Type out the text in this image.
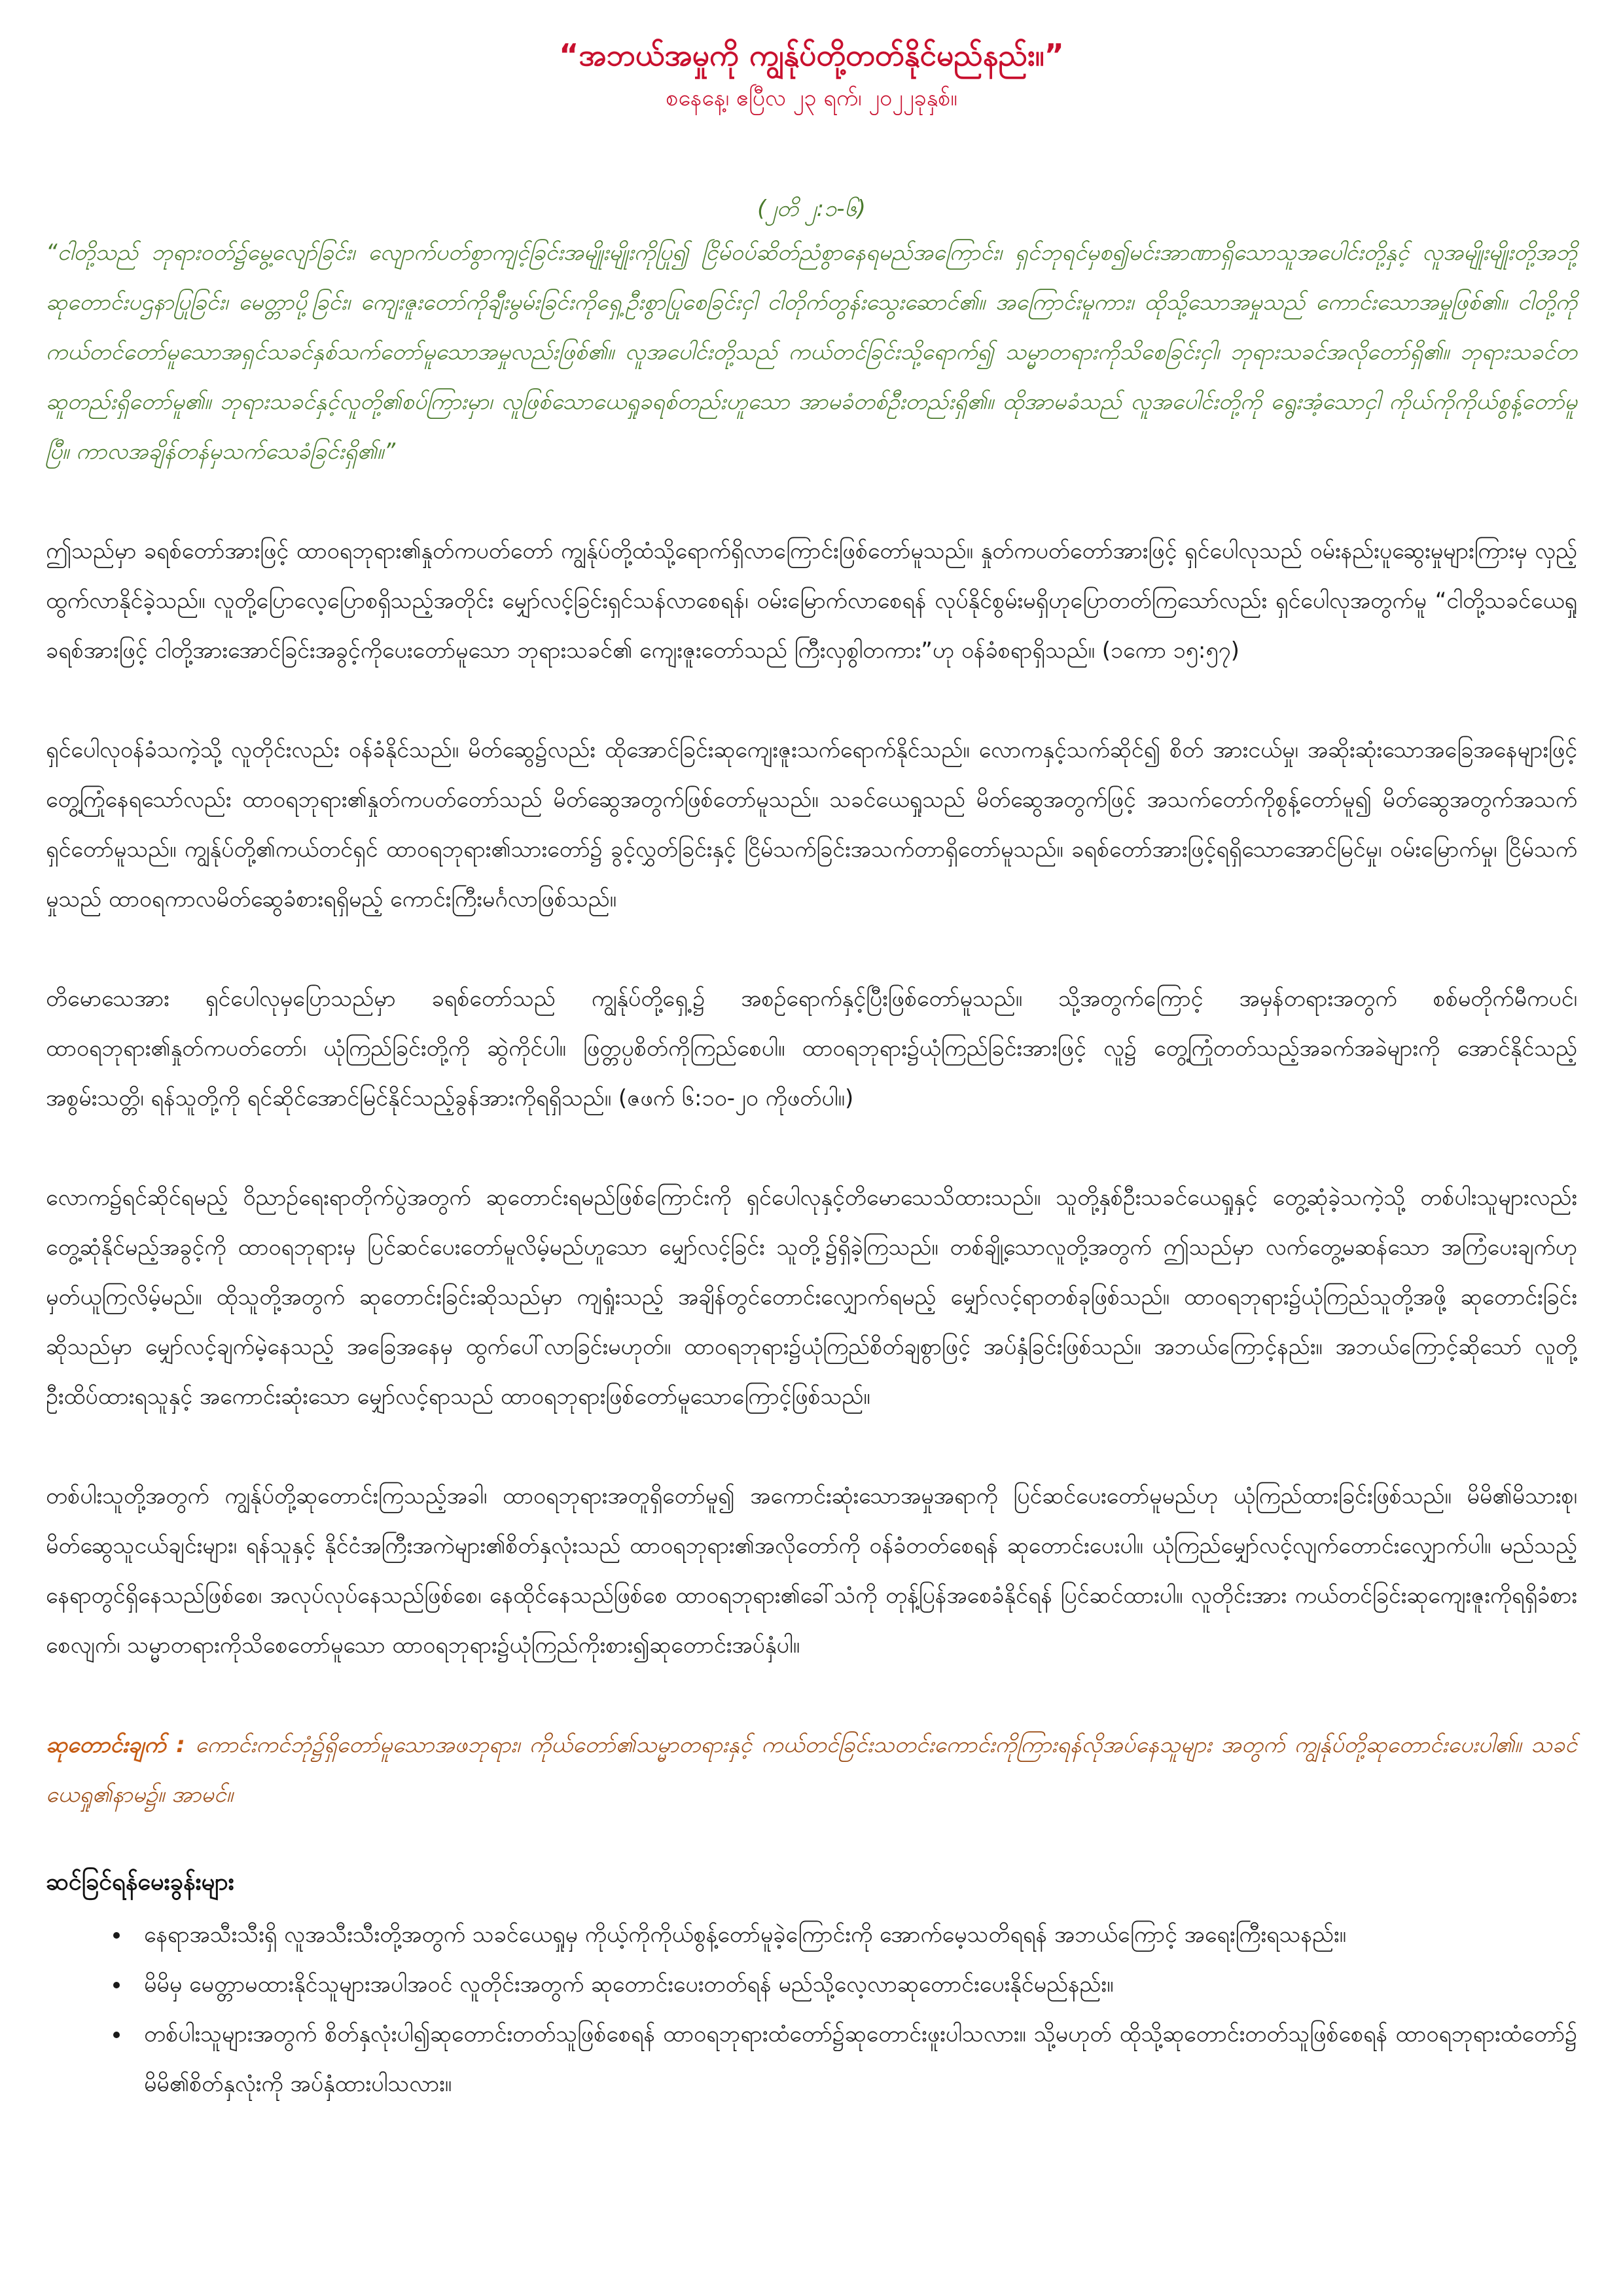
“အဘယ်အမှုကို ကျွန်ုပ်တို့တတ်နိုင်မည်နည်း။”
စနေနေ့၊ ဧပြီလ ၂၃ ရက်၊ ၂၀၂၂ခုနှစ်။
(၂တိ ၂:၁-၆)
“ငါတို့သည် ဘုရားဝတ်၌မွေ့လျော်ခြင်း၊ လျောက်ပတ်စွာကျင့်ခြင်းအမျိုးမျိုးကိုပြု၍ ငြိမ်ဝပ်ဆိတ်ညံစွာနေရမည်အကြောင်း၊ ရှင်ဘုရင်မှစ၍မင်းအာဏာရှိသောသူအပေါင်းတို့နှင့် လူအမျိုးမျိုးတို့အဘို့ဆုတောင်းပဌနာပြုခြင်း၊ မေတ္တာပို့ခြင်း၊ ကျေးဇူးတော်ကိုချီးမွမ်းခြင်းကိုရှေ့ဦးစွာပြုစေခြင်းငှါ ငါတိုက်တွန်းသွေးဆောင်၏။ အကြောင်းမူကား၊ ထိုသို့သောအမှုသည် ကောင်းသောအမှုဖြစ်၏။ ငါတို့ကို ကယ်တင်တော်မူသောအရှင်သခင်နှစ်သက်တော်မူသောအမှုလည်းဖြစ်၏။ လူအပေါင်းတို့သည် ကယ်တင်ခြင်းသို့ရောက်၍ သမ္မာတရားကိုသိစေခြင်းငှါ၊ ဘုရားသခင်အလိုတော်ရှိ၏။ ဘုရားသခင်တဆူတည်းရှိတော်မူ၏။ ဘုရားသခင်နှင့်လူတို့၏စပ်ကြားမှာ၊ လူဖြစ်သောယေရှုခရစ်တည်းဟူသော အာမခံတစ်ဦးတည်းရှိ၏။ ထိုအာမခံသည် လူအပေါင်းတို့ကို ရွေးအံ့သောငှါ ကိုယ်ကိုကိုယ်စွန့်တော်မူပြီ။ ကာလအချိန်တန်မှသက်သေခံခြင်းရှိ၏။”
ဤသည်မှာ ခရစ်တော်အားဖြင့် ထာဝရဘုရား၏နှုတ်ကပတ်တော် ကျွန်ုပ်တို့ထံသို့ရောက်ရှိလာကြောင်းဖြစ်တော်မူသည်။ နှုတ်ကပတ်တော်အားဖြင့် ရှင်ပေါလုသည် ဝမ်းနည်းပူဆွေးမှုများကြားမှ လှည့်ထွက်လာနိုင်ခဲ့သည်။ လူတို့ပြောလေ့ပြောစရှိသည့်အတိုင်း မျှော်လင့်ခြင်းရှင်သန်လာစေရန်၊ ဝမ်းမြောက်လာစေရန် လုပ်နိုင်စွမ်းမရှိဟုပြောတတ်ကြသော်လည်း ရှင်ပေါလုအတွက်မူ “ငါတို့သခင်ယေရှုခရစ်အားဖြင့် ငါတို့အားအောင်ခြင်းအခွင့်ကိုပေးတော်မူသော ဘုရားသခင်၏ ကျေးဇူးတော်သည် ကြီးလှစွါတကား”ဟု ဝန်ခံစရာရှိသည်။ (၁ကော ၁၅:၅၇)
ရှင်ပေါလုဝန်ခံသကဲ့သို့ လူတိုင်းလည်း ဝန်ခံနိုင်သည်။ မိတ်ဆွေ၌လည်း ထိုအောင်ခြင်းဆုကျေးဇူးသက်ရောက်နိုင်သည်။ လောကနှင့်သက်ဆိုင်၍ စိတ် အားငယ်မှု၊ အဆိုးဆုံးသောအခြေအနေများဖြင့်တွေ့ကြုံနေရသော်လည်း ထာဝရဘုရား၏နှုတ်ကပတ်တော်သည် မိတ်ဆွေအတွက်ဖြစ်တော်မူသည်။ သခင်ယေရှုသည် မိတ်ဆွေအတွက်ဖြင့် အသက်တော်ကိုစွန့်တော်မူ၍ မိတ်ဆွေအတွက်အသက်ရှင်တော်မူသည်။ ကျွန်ုပ်တို့၏ကယ်တင်ရှင် ထာဝရဘုရား၏သားတော်၌ ခွင့်လွှတ်ခြင်းနှင့် ငြိမ်သက်ခြင်းအသက်တာရှိတော်မူသည်။ ခရစ်တော်အားဖြင့်ရရှိသောအောင်မြင်မှု၊ ဝမ်းမြောက်မှု၊ ငြိမ်သက်မှုသည် ထာဝရကာလမိတ်ဆွေခံစားရရှိမည့် ကောင်းကြီးမင်္ဂလာဖြစ်သည်။
တိမောသေအား ရှင်ပေါလုမှပြောသည်မှာ ခရစ်တော်သည် ကျွန်ုပ်တို့ရှေ့၌ အစဉ်ရောက်နှင့်ပြီးဖြစ်တော်မူသည်။ သို့အတွက်ကြောင့် အမှန်တရားအတွက် စစ်မတိုက်မီကပင်၊ ထာဝရဘုရား၏နှုတ်ကပတ်တော်၊ ယုံကြည်ခြင်းတို့ကို ဆွဲကိုင်ပါ။ ဖြတ္တပ္ပစိတ်ကိုကြည်စေပါ။ ထာဝရဘုရား၌ယုံကြည်ခြင်းအားဖြင့် လူ၌ တွေ့ကြုံတတ်သည့်အခက်အခဲများကို အောင်နိုင်သည့်အစွမ်းသတ္တိ၊ ရန်သူတို့ကို ရင်ဆိုင်အောင်မြင်နိုင်သည့်ခွန်အားကိုရရှိသည်။ (ဇဖက် ၆:၁၀-၂၀ ကိုဖတ်ပါ။)
လောက၌ရင်ဆိုင်ရမည့် ဝိညာဉ်ရေးရာတိုက်ပွဲအတွက် ဆုတောင်းရမည်ဖြစ်ကြောင်းကို ရှင်ပေါလုနှင့်တိမောသေသိထားသည်။ သူတို့နှစ်ဦးသခင်ယေရှုနှင့် တွေ့ဆုံခဲ့သကဲ့သို့ တစ်ပါးသူများလည်း တွေ့ဆုံနိုင်မည့်အခွင့်ကို ထာဝရဘုရားမှ ပြင်ဆင်ပေးတော်မူလိမ့်မည်ဟူသော မျှော်လင့်ခြင်း သူတို့၌ရှိခဲ့ကြသည်။ တစ်ချို့သောလူတို့အတွက် ဤသည်မှာ လက်တွေ့မဆန်သော အကြံပေးချက်ဟုမှတ်ယူကြလိမ့်မည်။ ထိုသူတို့အတွက် ဆုတောင်းခြင်းဆိုသည်မှာ ကျရှုံးသည့် အချိန်တွင်တောင်းလျှောက်ရမည့် မျှော်လင့်ရာတစ်ခုဖြစ်သည်။ ထာဝရဘုရား၌ယုံကြည်သူတို့အဖို့ ဆုတောင်းခြင်းဆိုသည်မှာ မျှော်လင့်ချက်မဲ့နေသည့် အခြေအနေမှ ထွက်ပေါ်လာခြင်းမဟုတ်။ ထာဝရဘုရား၌ယုံကြည်စိတ်ချစွာဖြင့် အပ်နှံခြင်းဖြစ်သည်။ အဘယ်ကြောင့်နည်း။ အဘယ်ကြောင့်ဆိုသော် လူတို့ဦးထိပ်ထားရသူနှင့် အကောင်းဆုံးသော မျှော်လင့်ရာသည် ထာဝရဘုရားဖြစ်တော်မူသောကြောင့်ဖြစ်သည်။
တစ်ပါးသူတို့အတွက် ကျွန်ုပ်တို့ဆုတောင်းကြသည့်အခါ၊ ထာဝရဘုရားအတူရှိတော်မူ၍ အကောင်းဆုံးသောအမှုအရာကို ပြင်ဆင်ပေးတော်မူမည်ဟု ယုံကြည်ထားခြင်းဖြစ်သည်။ မိမိ၏မိသားစု၊ မိတ်ဆွေသူငယ်ချင်းများ၊ ရန်သူနှင့် နိုင်ငံအကြီးအကဲများ၏စိတ်နှလုံးသည် ထာဝရဘုရား၏အလိုတော်ကို ဝန်ခံတတ်စေရန် ဆုတောင်းပေးပါ။ ယုံကြည်မျှော်လင့်လျက်တောင်းလျှောက်ပါ။ မည်သည့်နေရာတွင်ရှိနေသည်ဖြစ်စေ၊ အလုပ်လုပ်နေသည်ဖြစ်စေ၊ နေထိုင်နေသည်ဖြစ်စေ ထာဝရဘုရား၏ခေါ်သံကို တုန့်ပြန်အစေခံနိုင်ရန် ပြင်ဆင်ထားပါ။ လူတိုင်းအား ကယ်တင်ခြင်းဆုကျေးဇူးကိုရရှိခံစားစေလျက်၊ သမ္မာတရားကိုသိစေတော်မူသော ထာဝရဘုရား၌ယုံကြည်ကိုးစား၍ဆုတောင်းအပ်နှံပါ။
ဆုတောင်းချက် : ကောင်းကင်ဘုံ၌ရှိတော်မူသောအဖဘုရား၊ ကိုယ်တော်၏သမ္မာတရားနှင့် ကယ်တင်ခြင်းသတင်းကောင်းကိုကြားရန်လိုအပ်နေသူများ အတွက် ကျွန်ုပ်တို့ဆုတောင်းပေးပါ၏။ သခင်ယေရှု၏နာမ၌။ အာမင်။
ဆင်ခြင်ရန်မေးခွန်းများ
• နေရာအသီးသီးရှိ လူအသီးသီးတို့အတွက် သခင်ယေရှုမှ ကိုယ့်ကိုကိုယ်စွန့်တော်မူခဲ့ကြောင်းကို အောက်မေ့သတိရရန် အဘယ်ကြောင့် အရေးကြီးရသနည်း။
• မိမိမှ မေတ္တာမထားနိုင်သူများအပါအဝင် လူတိုင်းအတွက် ဆုတောင်းပေးတတ်ရန် မည်သို့လေ့လာဆုတောင်းပေးနိုင်မည်နည်း။
• တစ်ပါးသူများအတွက် စိတ်နှလုံးပါ၍ဆုတောင်းတတ်သူဖြစ်စေရန် ထာဝရဘုရားထံတော်၌ဆုတောင်းဖူးပါသလား။ သို့မဟုတ် ထိုသို့ဆုတောင်းတတ်သူဖြစ်စေရန် ထာဝရဘုရားထံတော်၌ မိမိ၏စိတ်နှလုံးကို အပ်နှံထားပါသလား။
